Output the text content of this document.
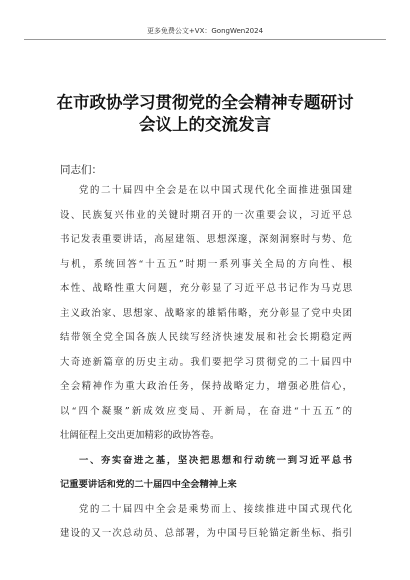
更多免费公文+VX：GongWen2024
在市政协学习贯彻党的全会精神专题研讨
会议上的交流发言
同志们：
党的二十届四中全会是在以中国式现代化全面推进强国建
设、民族复兴伟业的关键时期召开的一次重要会议，习近平总
书记发表重要讲话，高屋建瓴、思想深邃，深刻洞察时与势、危
与机，系统回答“十五五”时期一系列事关全局的方向性、根
本性、战略性重大问题，充分彰显了习近平总书记作为马克思
主义政治家、思想家、战略家的雄韬伟略，充分彰显了党中央团
结带领全党全国各族人民续写经济快速发展和社会长期稳定两
大奇迹新篇章的历史主动。我们要把学习贯彻党的二十届四中
全会精神作为重大政治任务，保持战略定力，增强必胜信心，
以“四个凝聚”新成效应变局、开新局，在奋进“十五五”的
壮阔征程上交出更加精彩的政协答卷。
一、夯实奋进之基，坚决把思想和行动统一到习近平总书
记重要讲话和党的二十届四中全会精神上来
党的二十届四中全会是乘势而上、接续推进中国式现代化
建设的又一次总动员、总部署，为中国号巨轮锚定新坐标、指引
